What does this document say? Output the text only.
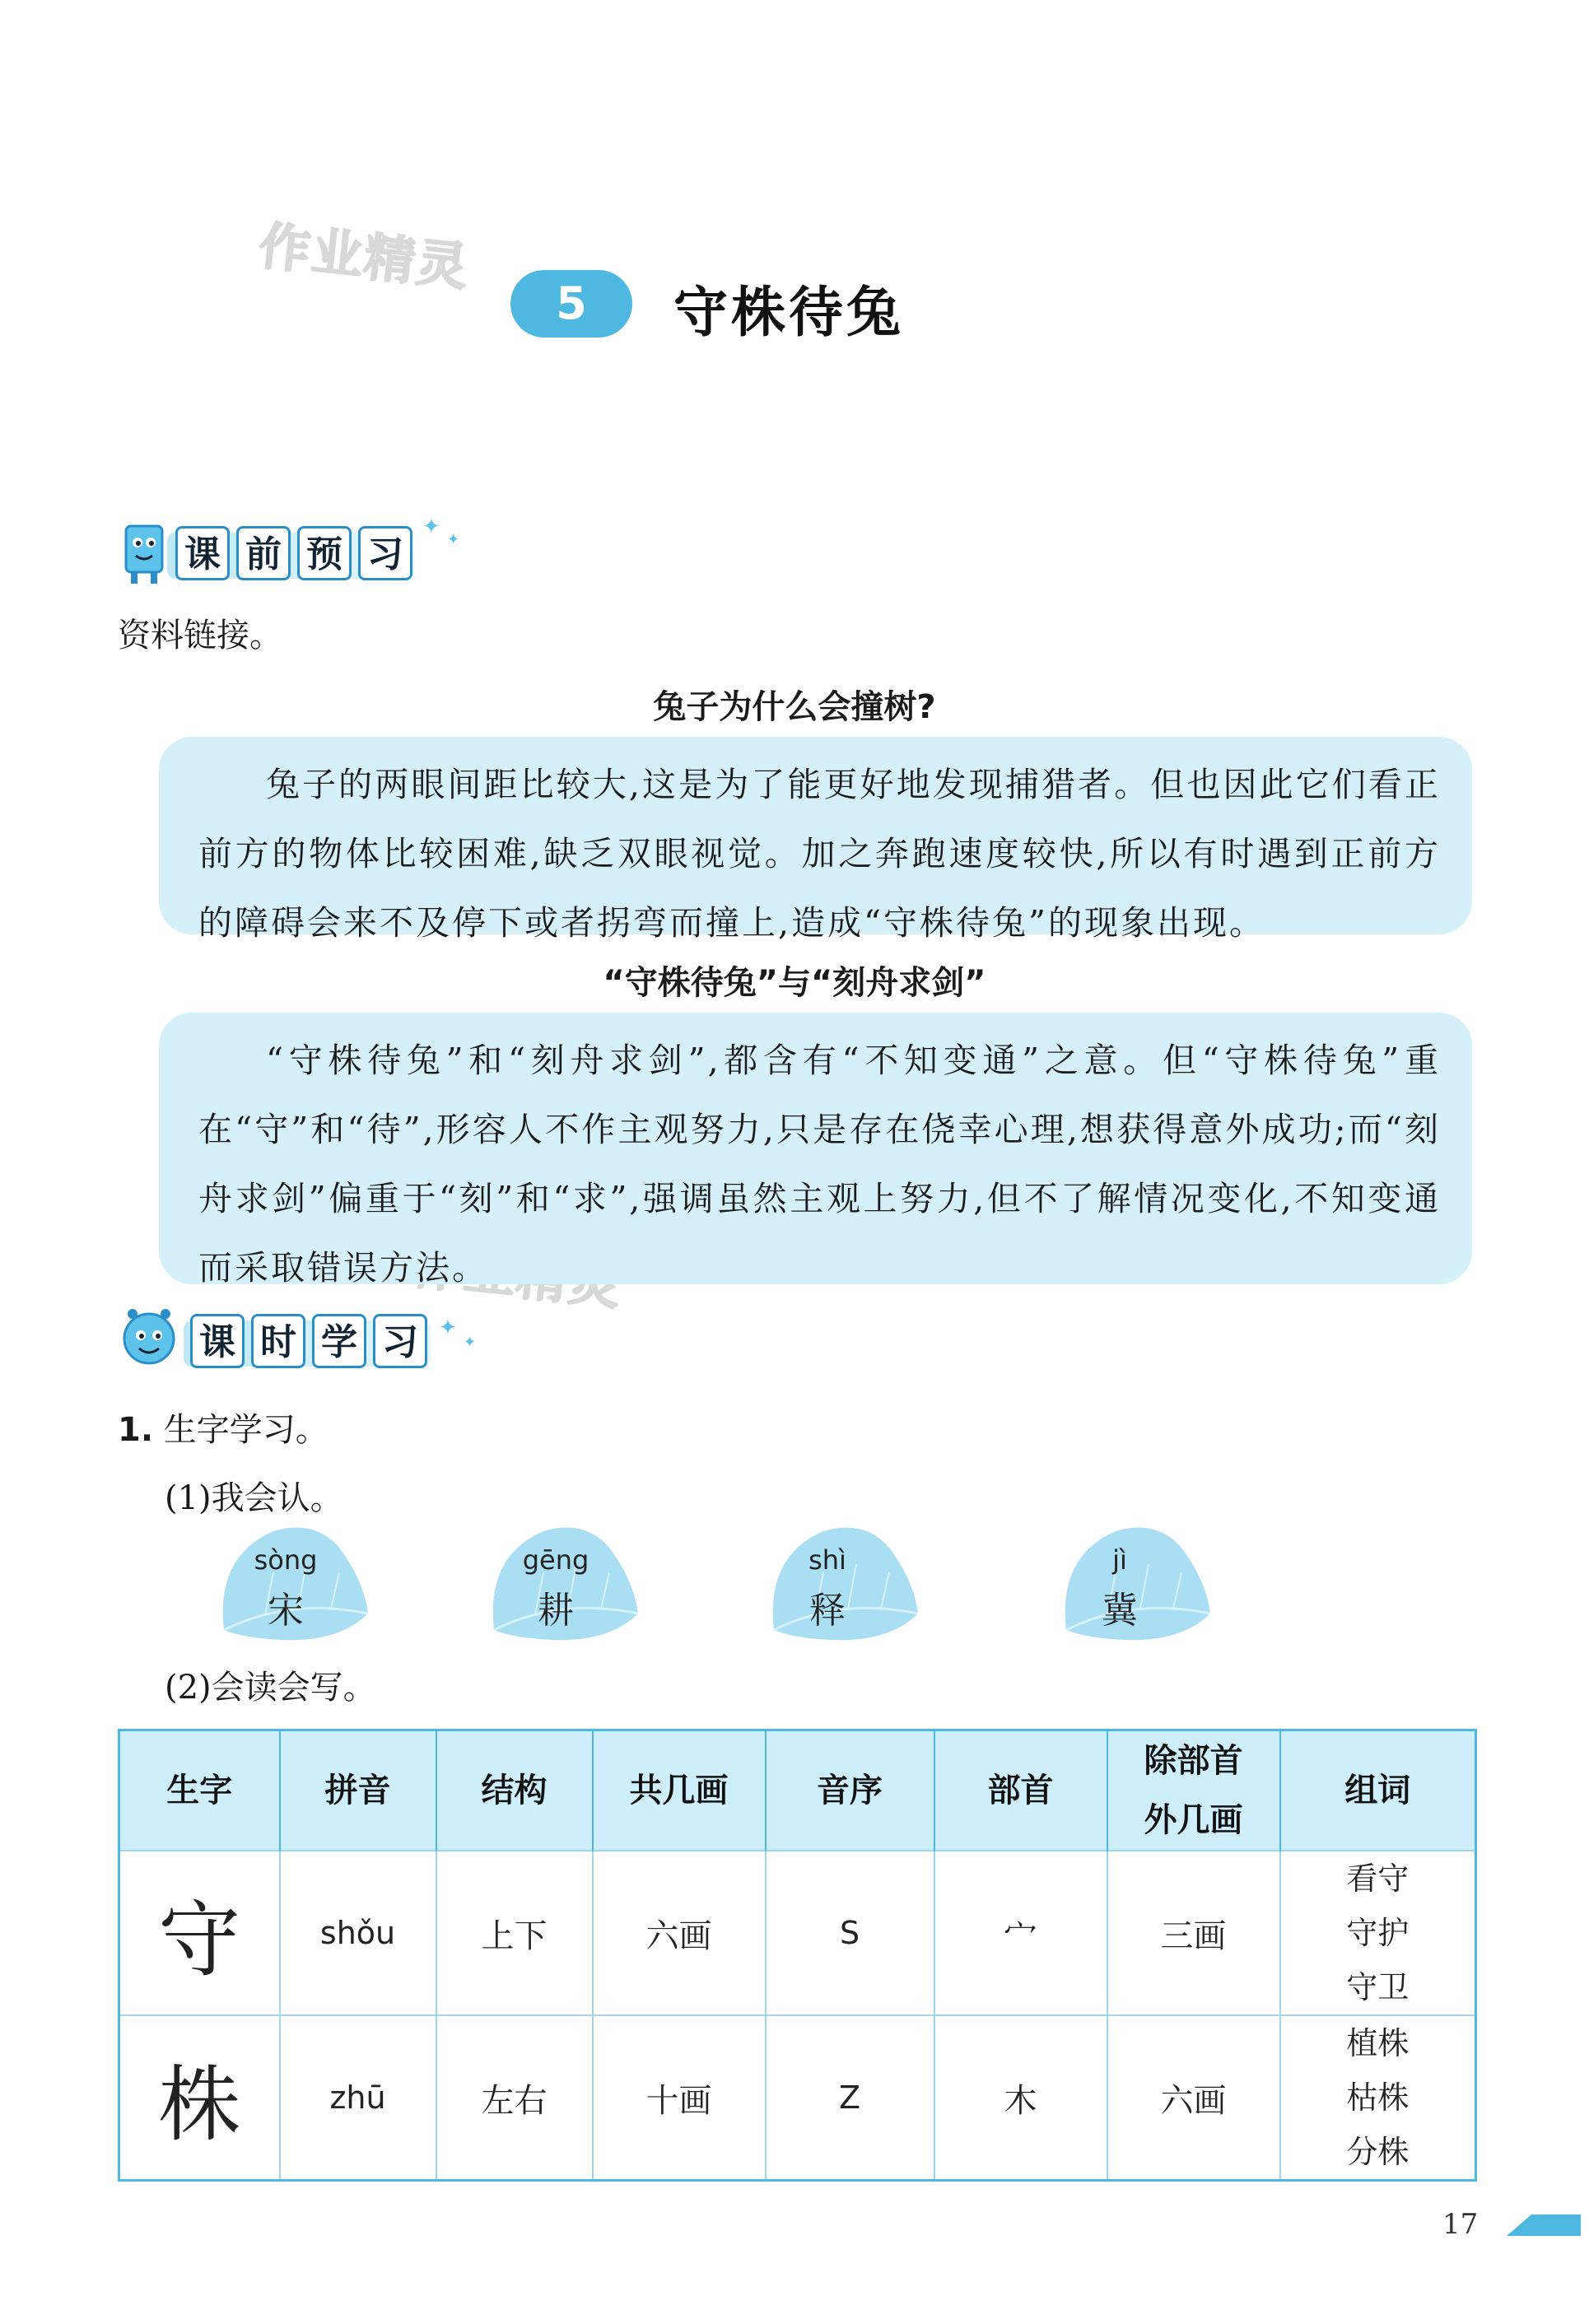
作业精灵
5	守株待兔
课 前 预 习
✦
✦
资料链接。
兔子为什么会撞树?

兔子的两眼间距比较大,这是为了能更好地发现捕猎者。但也因此它们看正前方的物体比较困难,缺乏双眼视觉。加之奔跑速度较快,所以有时遇到正前方的障碍会来不及停下或者拐弯而撞上,造成“守株待兔”的现象出现。

“守株待兔”与“刻舟求剑”

“守株待兔”和“刻舟求剑”,都含有“不知变通”之意。但“守株待兔”重在“守”和“待”,形容人不作主观努力,只是存在侥幸心理,想获得意外成功;而“刻舟求剑”偏重于“刻”和“求”,强调虽然主观上努力,但不了解情况变化,不知变通而采取错误方法。

课 时 学 习 ✦
✦
1. 生字学习。
(1)我会认。
sòng
宋
gēng
耕
shì
释
jì
冀
(2)会读会写。
生字	拼音	结构	共几画	音序	部首	除部首
外几画	组词
守	shǒu	上下	六画	S	宀	三画	看守
守护
守卫

株	zhū	左右	十画	Z	木	六画	植株
枯株
分株
17
